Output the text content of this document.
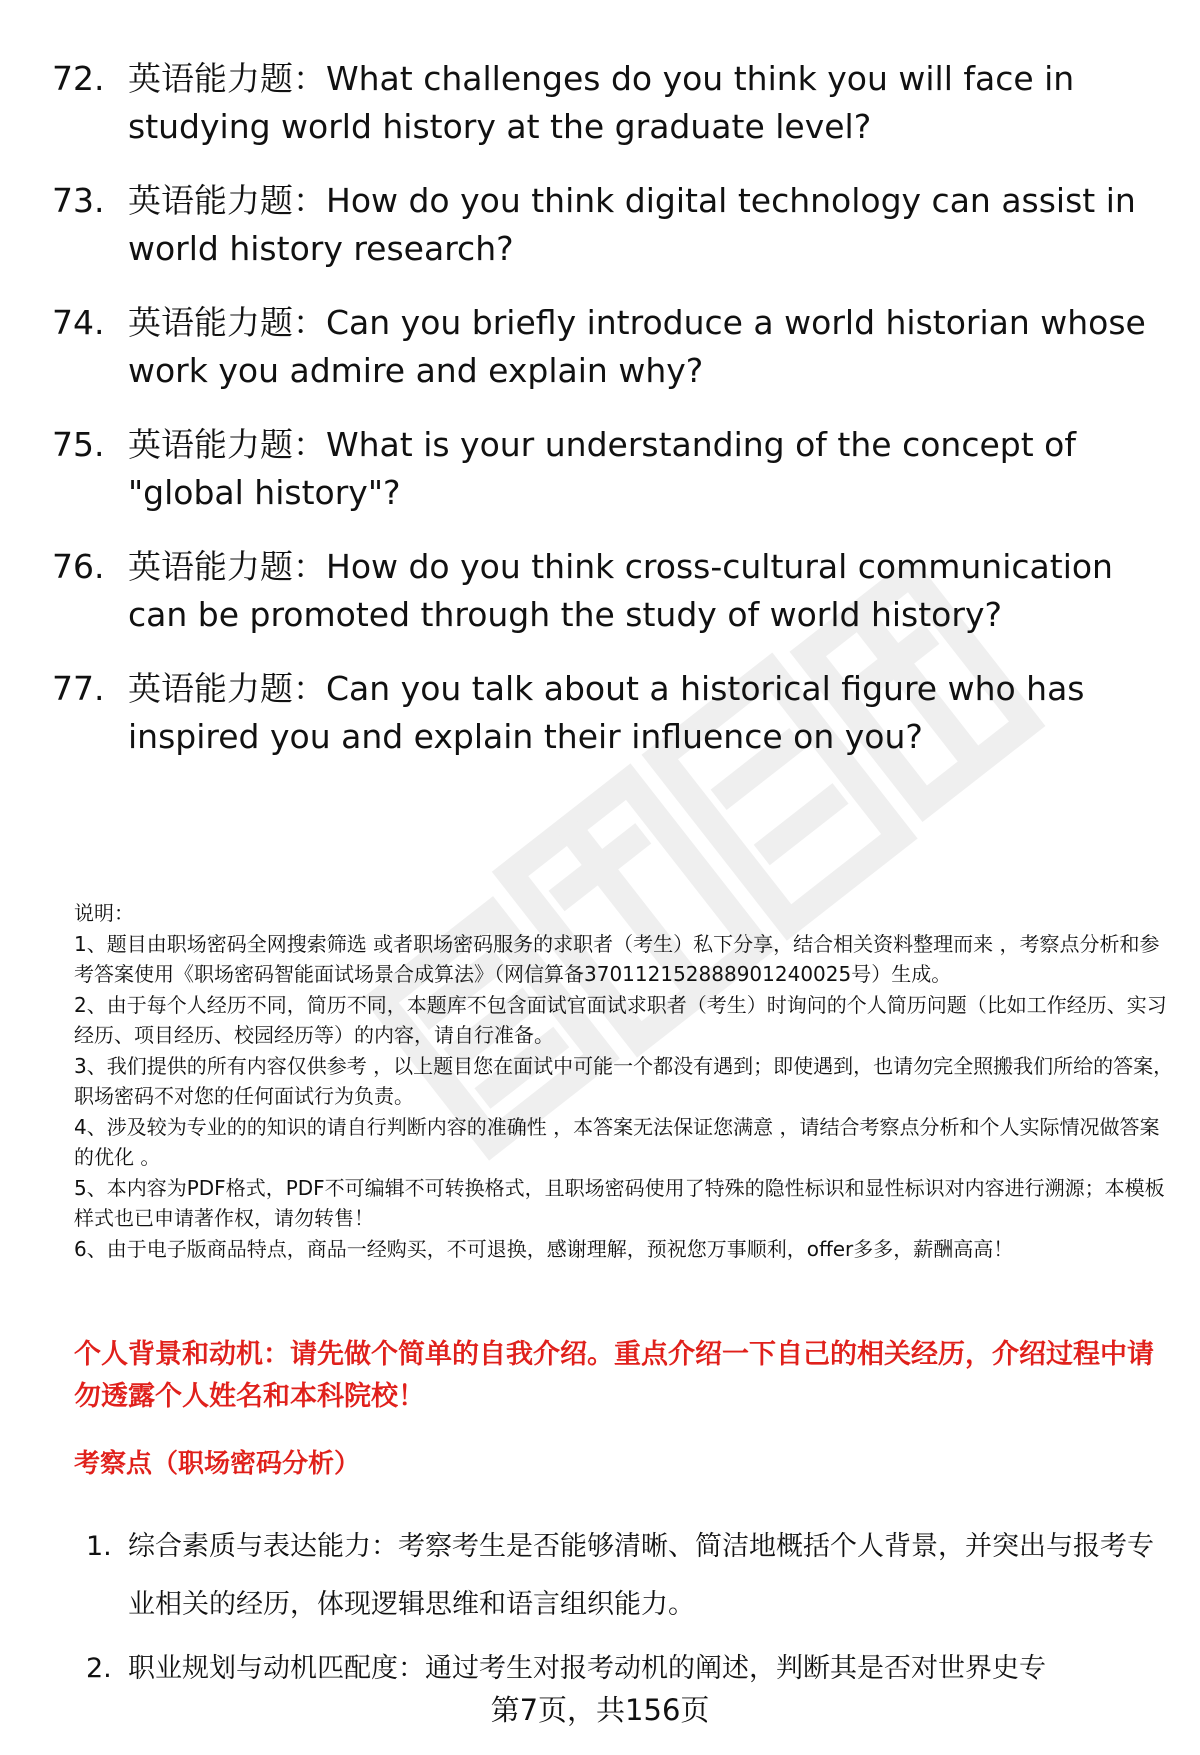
72. 英语能力题：What challenges do you think you will face in studying world history at the graduate level?
73. 英语能力题：How do you think digital technology can assist in world history research?
74. 英语能力题：Can you briefly introduce a world historian whose work you admire and explain why?
75. 英语能力题：What is your understanding of the concept of "global history"?
76. 英语能力题：How do you think cross-cultural communication can be promoted through the study of world history?
77. 英语能力题：Can you talk about a historical figure who has inspired you and explain their influence on you?

说明：

1、题目由职场密码全网搜索筛选 或者职场密码服务的求职者（考生）私下分享，结合相关资料整理而来 ，考察点分析和参考答案使用《职场密码智能面试场景合成算法》（网信算备370112152888901240025号）生成。

2、由于每个人经历不同，简历不同，本题库不包含面试官面试求职者（考生）时询问的个人简历问题（比如工作经历、实习经历、项目经历、校园经历等）的内容，请自行准备。

3、我们提供的所有内容仅供参考 ，以上题目您在面试中可能一个都没有遇到；即使遇到，也请勿完全照搬我们所给的答案，职场密码不对您的任何面试行为负责。

4、涉及较为专业的的知识的请自行判断内容的准确性 ，本答案无法保证您满意 ，请结合考察点分析和个人实际情况做答案的优化 。

5、本内容为PDF格式，PDF不可编辑不可转换格式，且职场密码使用了特殊的隐性标识和显性标识对内容进行溯源；本模板样式也已申请著作权，请勿转售！

6、由于电子版商品特点，商品一经购买，不可退换，感谢理解，预祝您万事顺利，offer多多，薪酬高高！

个人背景和动机：请先做个简单的自我介绍。重点介绍一下自己的相关经历，介绍过程中请勿透露个人姓名和本科院校！
考察点（职场密码分析）
1. 综合素质与表达能力：考察考生是否能够清晰、简洁地概括个人背景，并突出与报考专业相关的经历，体现逻辑思维和语言组织能力。
2. 职业规划与动机匹配度：通过考生对报考动机的阐述，判断其是否对世界史专
第7页，共156页
